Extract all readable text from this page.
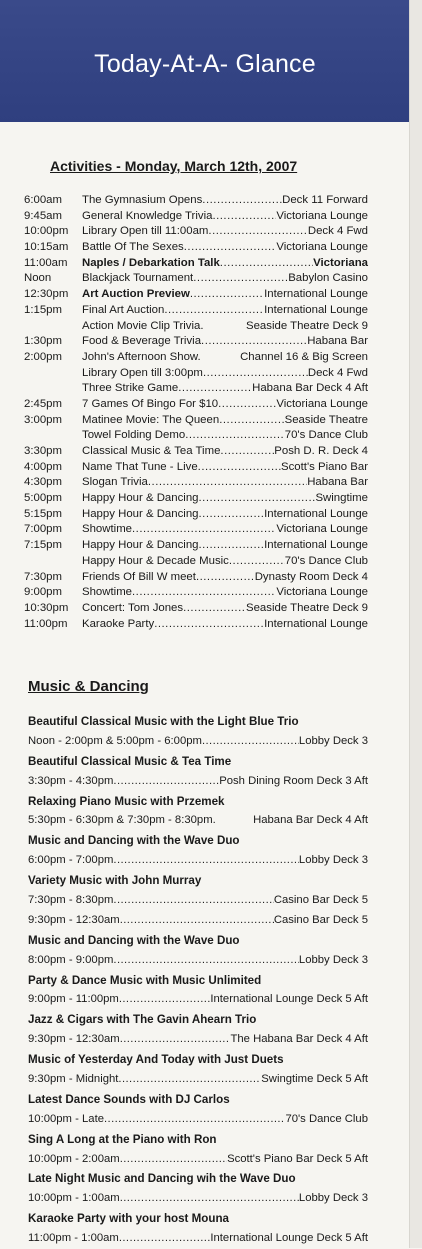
Today-At-A- Glance
Activities - Monday, March 12th, 2007
6:00am	The Gymnasium Opens .....	Deck 11 Forward
9:45am	General Knowledge Trivia .....	Victoriana Lounge
10:00pm	Library Open till 11:00am .....	Deck 4 Fwd
10:15am	Battle Of The Sexes .....	Victoriana Lounge
11:00am	Naples / Debarkation Talk .....	Victoriana
Noon	Blackjack Tournament .....	Babylon Casino
12:30pm	Art Auction Preview .....	International Lounge
1:15pm	Final Art Auction .....	International Lounge
Action Movie Clip Trivia.	Seaside Theatre Deck 9
1:30pm	Food & Beverage Trivia .....	Habana Bar
2:00pm	John's Afternoon Show.	Channel 16 & Big Screen
Library Open till 3:00pm .....	Deck 4 Fwd
Three Strike Game .....	Habana Bar Deck 4 Aft
2:45pm	7 Games Of Bingo For $10 .....	Victoriana Lounge
3:00pm	Matinee Movie: The Queen .....	Seaside Theatre
Towel Folding Demo .....	70's Dance Club
3:30pm	Classical Music & Tea Time .....	Posh D. R. Deck 4
4:00pm	Name That Tune - Live .....	Scott's Piano Bar
4:30pm	Slogan Trivia .....	Habana Bar
5:00pm	Happy Hour & Dancing .....	Swingtime
5:15pm	Happy Hour & Dancing .....	International Lounge
7:00pm	Showtime .....	Victoriana Lounge
7:15pm	Happy Hour & Dancing .....	International Lounge
Happy Hour & Decade Music .....	70's Dance Club
7:30pm	Friends Of Bill W meet .....	Dynasty Room Deck 4
9:00pm	Showtime .....	Victoriana Lounge
10:30pm	Concert: Tom Jones .....	Seaside Theatre Deck 9
11:00pm	Karaoke Party .....	International Lounge
Music & Dancing
Beautiful Classical Music with the Light Blue Trio
Noon - 2:00pm & 5:00pm - 6:00pm .....	Lobby Deck 3
Beautiful Classical Music & Tea Time
3:30pm - 4:30pm .....	Posh Dining Room Deck 3 Aft
Relaxing Piano Music with Przemek
5:30pm - 6:30pm & 7:30pm - 8:30pm.	Habana Bar Deck 4 Aft
Music and Dancing with the Wave Duo
6:00pm - 7:00pm .....	Lobby Deck 3
Variety Music with John Murray
7:30pm - 8:30pm .....	Casino Bar Deck 5
9:30pm - 12:30am .....	Casino Bar Deck 5
Music and Dancing with the Wave Duo
8:00pm - 9:00pm .....	Lobby Deck 3
Party & Dance Music with Music Unlimited
9:00pm - 11:00pm .....	International Lounge Deck 5 Aft
Jazz & Cigars with The Gavin Ahearn Trio
9:30pm - 12:30am .....	The Habana Bar Deck 4 Aft
Music of Yesterday And Today with Just Duets
9:30pm - Midnight .....	Swingtime Deck 5 Aft
Latest Dance Sounds with DJ Carlos
10:00pm - Late .....	70's Dance Club
Sing A Long at the Piano with Ron
10:00pm - 2:00am .....	Scott's Piano Bar Deck 5 Aft
Late Night Music and Dancing wih the Wave Duo
10:00pm - 1:00am .....	Lobby Deck 3
Karaoke Party with your host Mouna
11:00pm - 1:00am .....	International Lounge Deck 5 Aft
